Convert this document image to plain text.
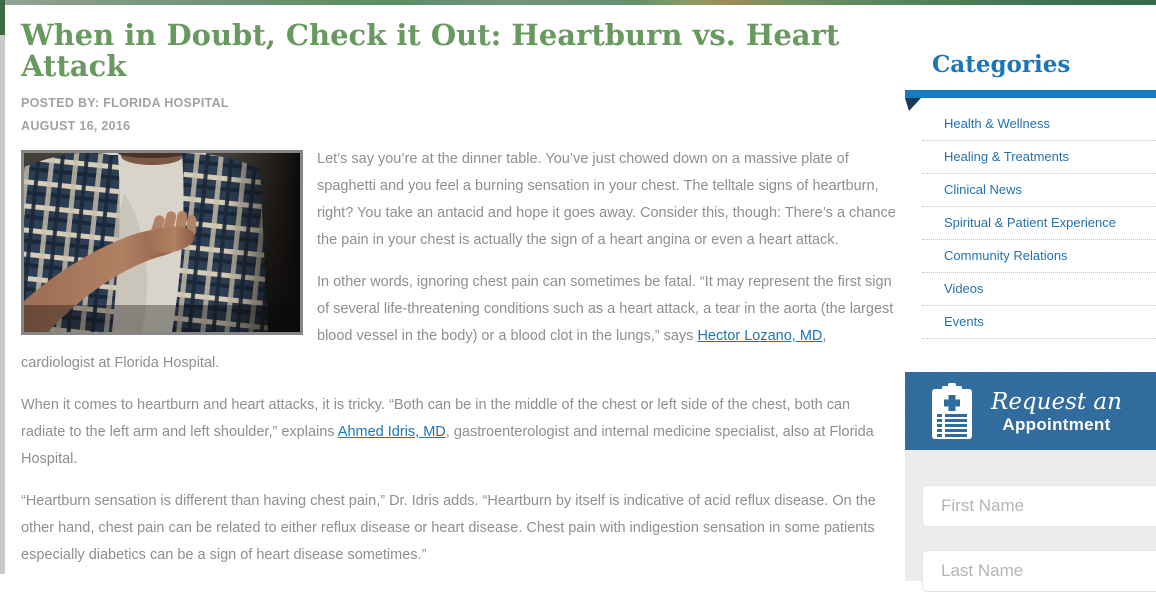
When in Doubt, Check it Out: Heartburn vs. Heart
Attack
POSTED BY: FLORIDA HOSPITAL
AUGUST 16, 2016

Let’s say you’re at the dinner table. You’ve just chowed down on a massive plate of spaghetti and you feel a burning sensation in your chest. The telltale signs of heartburn, right? You take an antacid and hope it goes away. Consider this, though: There’s a chance the pain in your chest is actually the sign of a heart angina or even a heart attack.

In other words, ignoring chest pain can sometimes be fatal. “It may represent the first sign of several life-threatening conditions such as a heart attack, a tear in the aorta (the largest blood vessel in the body) or a blood clot in the lungs,” says Hector Lozano, MD, cardiologist at Florida Hospital.

When it comes to heartburn and heart attacks, it is tricky. “Both can be in the middle of the chest or left side of the chest, both can radiate to the left arm and left shoulder,” explains Ahmed Idris, MD, gastroenterologist and internal medicine specialist, also at Florida Hospital.

“Heartburn sensation is different than having chest pain,” Dr. Idris adds. “Heartburn by itself is indicative of acid reflux disease. On the other hand, chest pain can be related to either reflux disease or heart disease. Chest pain with indigestion sensation in some patients especially diabetics can be a sign of heart disease sometimes.”

Categories
Health & Wellness
Healing & Treatments
Clinical News
Spiritual & Patient Experience
Community Relations
Videos
Events
Request an
Appointment
First Name
Last Name
